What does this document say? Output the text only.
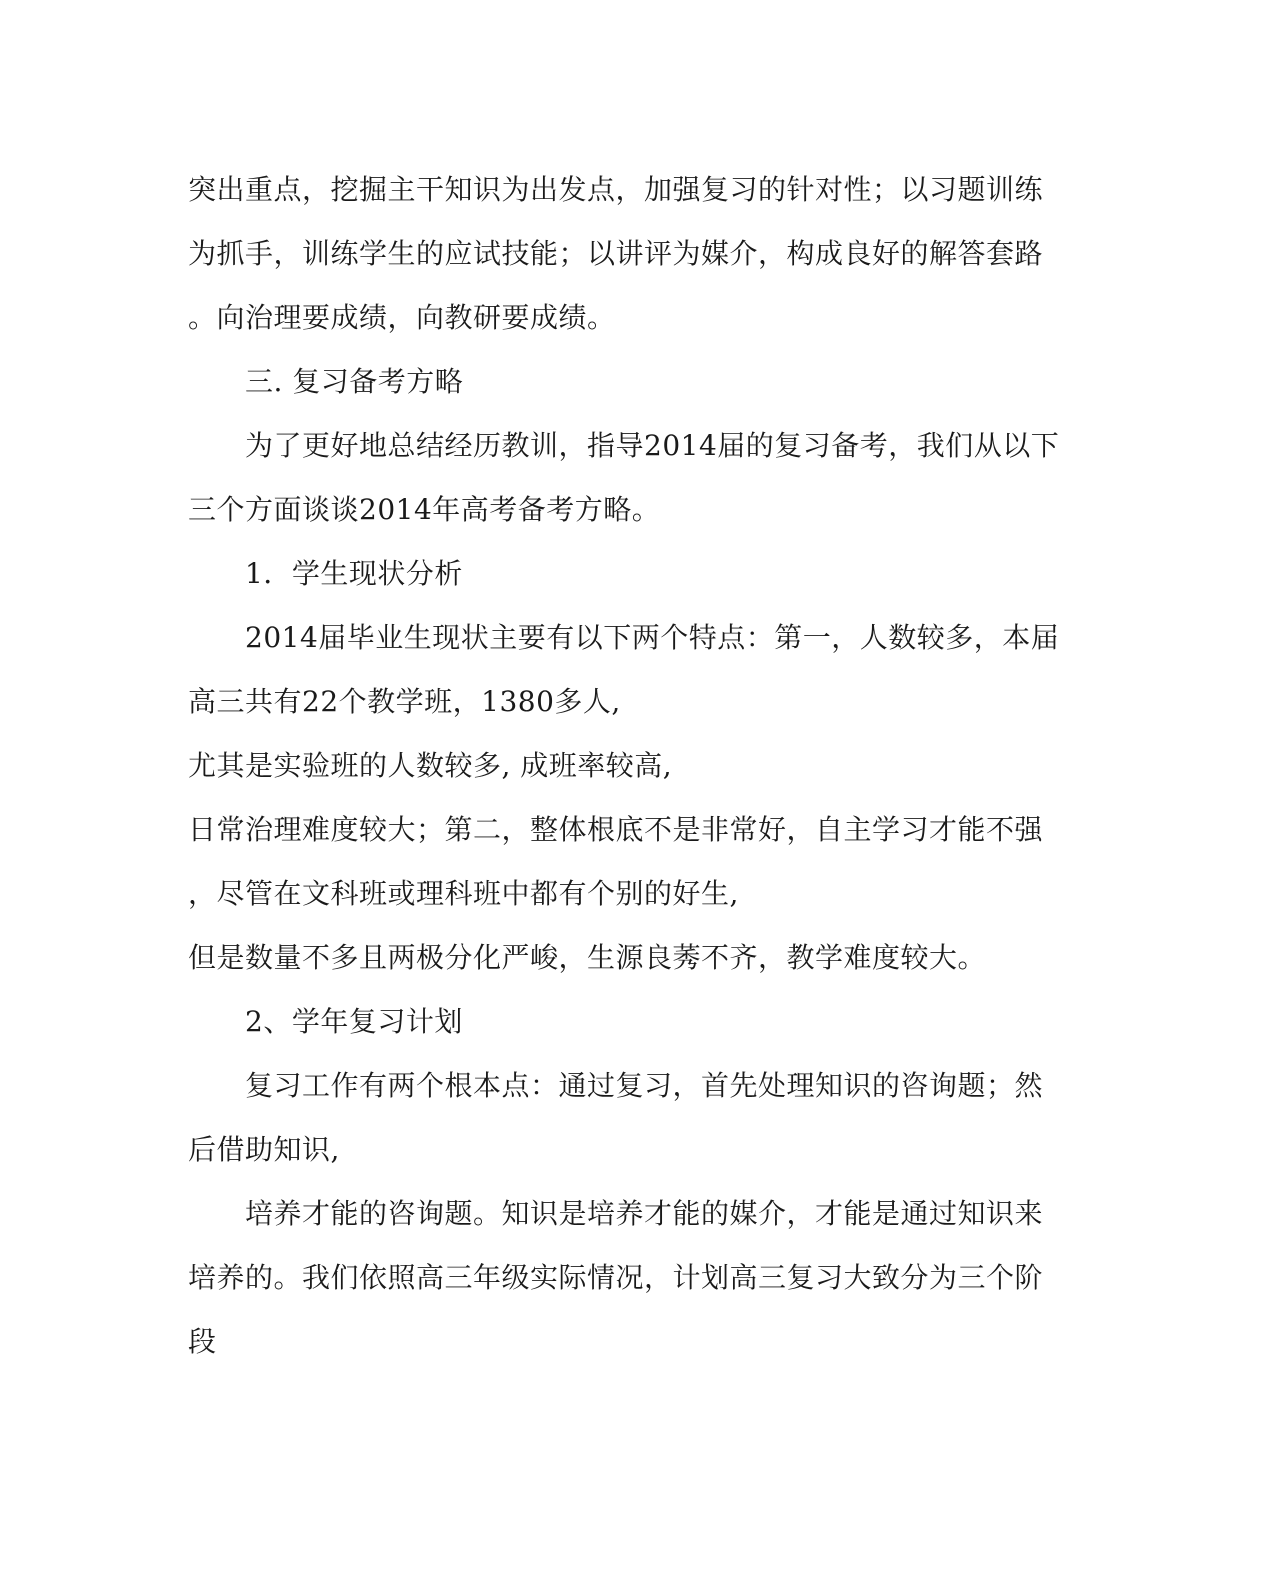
突出重点，挖掘主干知识为出发点，加强复习的针对性；以习题训练
为抓手，训练学生的应试技能；以讲评为媒介，构成良好的解答套路
。向治理要成绩，向教研要成绩。
三. 复习备考方略
为了更好地总结经历教训，指导2014届的复习备考，我们从以下
三个方面谈谈2014年高考备考方略。
1．学生现状分析
2014届毕业生现状主要有以下两个特点：第一，人数较多，本届
高三共有22个教学班，1380多人,
尤其是实验班的人数较多, 成班率较高,
日常治理难度较大；第二，整体根底不是非常好，自主学习才能不强
，尽管在文科班或理科班中都有个别的好生,
但是数量不多且两极分化严峻，生源良莠不齐，教学难度较大。
2、学年复习计划
复习工作有两个根本点：通过复习，首先处理知识的咨询题；然
后借助知识,
培养才能的咨询题。知识是培养才能的媒介，才能是通过知识来
培养的。我们依照高三年级实际情况，计划高三复习大致分为三个阶
段
